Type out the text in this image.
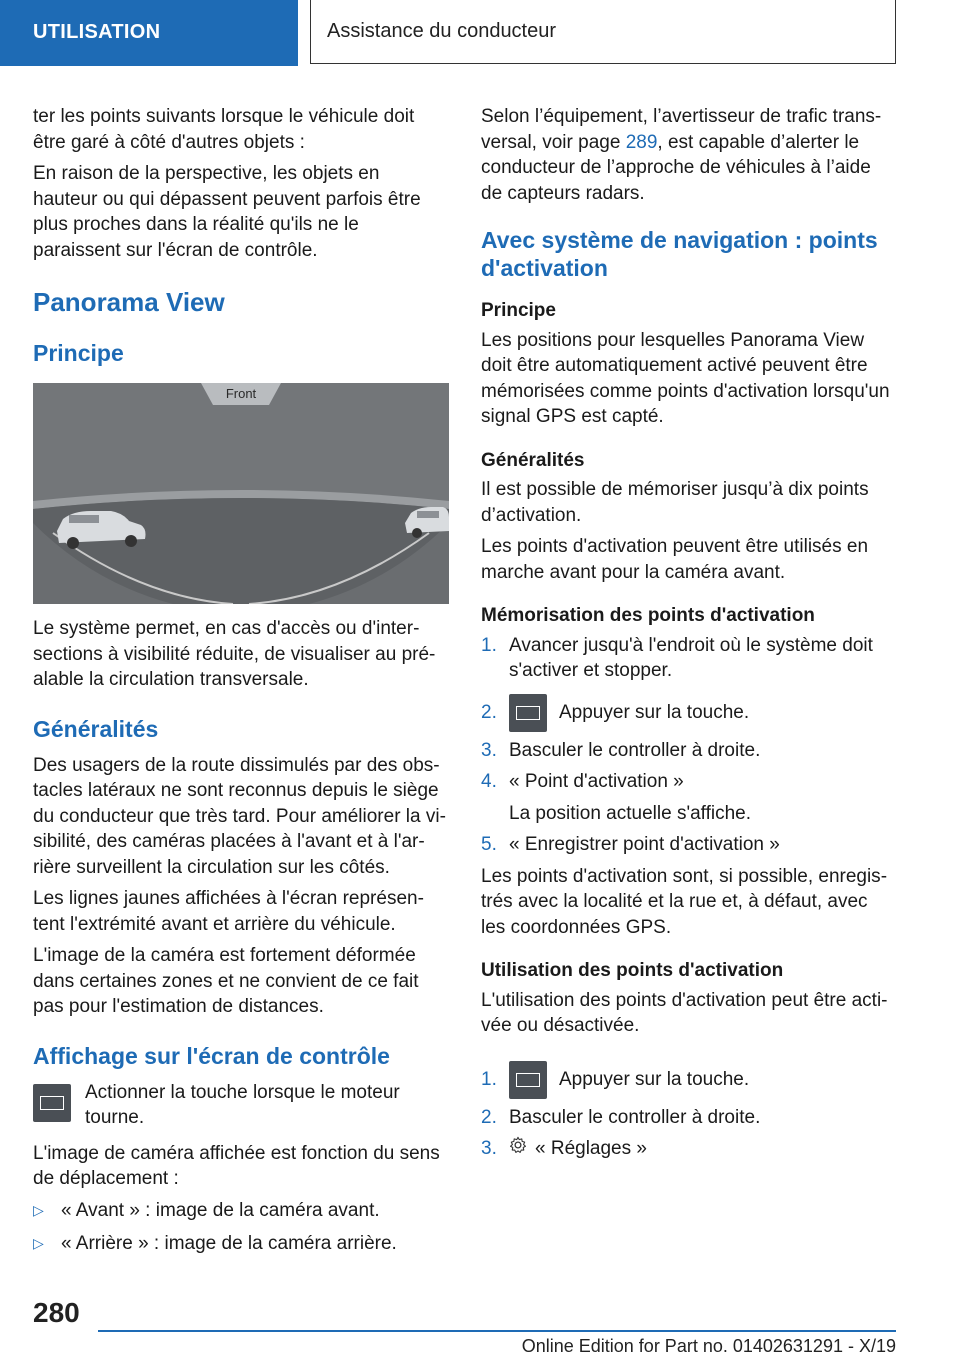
UTILISATION	Assistance du conducteur

ter les points suivants lorsque le véhicule doit être garé à côté d'autres objets :

En raison de la perspective, les objets en hauteur ou qui dépassent peuvent parfois être plus proches dans la réalité qu'ils ne le paraissent sur l'écran de contrôle.

Panorama View
Principe
Front

Le système permet, en cas d'accès ou d'intersections à visibilité réduite, de visualiser au préalable la circulation transversale.

Généralités

Des usagers de la route dissimulés par des obstacles latéraux ne sont reconnus depuis le siège du conducteur que très tard. Pour améliorer la visibilité, des caméras placées à l'avant et à l'arrière surveillent la circulation sur les côtés.

Les lignes jaunes affichées à l'écran représentent l'extrémité avant et arrière du véhicule.

L'image de la caméra est fortement déformée dans certaines zones et ne convient de ce fait pas pour l'estimation de distances.

Affichage sur l'écran de contrôle
Actionner la touche lorsque le moteur tourne.

L'image de caméra affichée est fonction du sens de déplacement :

▷ « Avant » : image de la caméra avant.
▷ « Arrière » : image de la caméra arrière.

Selon l’équipement, l’avertisseur de trafic transversal, voir page 289, est capable d’alerter le conducteur de l’approche de véhicules à l’aide de capteurs radars.

Avec système de navigation : points d'activation
Principe

Les positions pour lesquelles Panorama View doit être automatiquement activé peuvent être mémorisées comme points d'activation lorsqu'un signal GPS est capté.

Généralités

Il est possible de mémoriser jusqu’à dix points d’activation.

Les points d'activation peuvent être utilisés en marche avant pour la caméra avant.

Mémorisation des points d'activation
1. Avancer jusqu'à l'endroit où le système doit s'activer et stopper.
2.	Appuyer sur la touche.
3. Basculer le controller à droite.
4. « Point d'activation »

La position actuelle s'affiche.

5. « Enregistrer point d'activation »

Les points d'activation sont, si possible, enregistrés avec la localité et la rue et, à défaut, avec les coordonnées GPS.

Utilisation des points d'activation

L'utilisation des points d'activation peut être activée ou désactivée.

1.	Appuyer sur la touche.
2. Basculer le controller à droite.
3.	« Réglages »
280
Online Edition for Part no. 01402631291 - X/19
